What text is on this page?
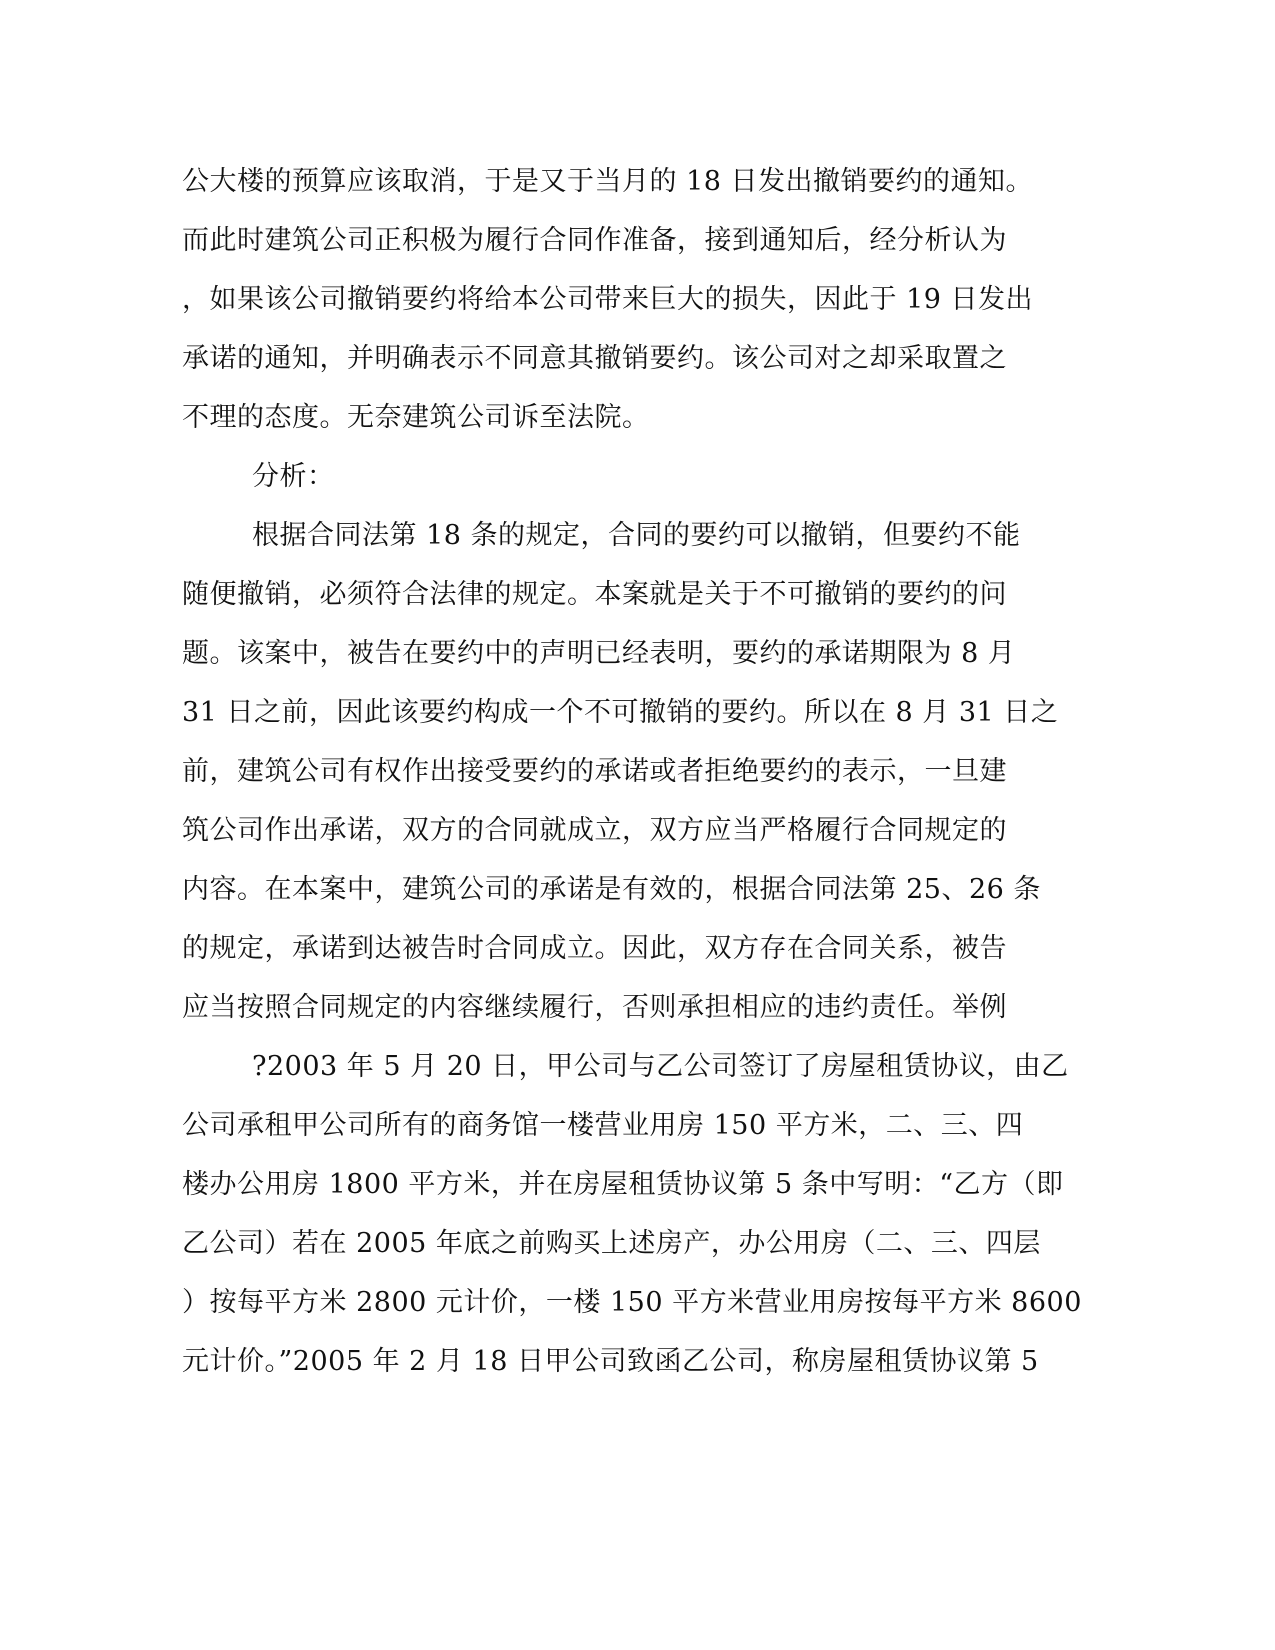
公大楼的预算应该取消，于是又于当月的 18 日发出撤销要约的通知。
而此时建筑公司正积极为履行合同作准备，接到通知后，经分析认为
，如果该公司撤销要约将给本公司带来巨大的损失，因此于 19 日发出
承诺的通知，并明确表示不同意其撤销要约。该公司对之却采取置之
不理的态度。无奈建筑公司诉至法院。
分析：
根据合同法第 18 条的规定，合同的要约可以撤销，但要约不能
随便撤销，必须符合法律的规定。本案就是关于不可撤销的要约的问
题。该案中，被告在要约中的声明已经表明，要约的承诺期限为 8 月
31 日之前，因此该要约构成一个不可撤销的要约。所以在 8 月 31 日之
前，建筑公司有权作出接受要约的承诺或者拒绝要约的表示，一旦建
筑公司作出承诺，双方的合同就成立，双方应当严格履行合同规定的
内容。在本案中，建筑公司的承诺是有效的，根据合同法第 25、26 条
的规定，承诺到达被告时合同成立。因此，双方存在合同关系，被告
应当按照合同规定的内容继续履行，否则承担相应的违约责任。举例
?2003 年 5 月 20 日，甲公司与乙公司签订了房屋租赁协议，由乙
公司承租甲公司所有的商务馆一楼营业用房 150 平方米，二、三、四
楼办公用房 1800 平方米，并在房屋租赁协议第 5 条中写明：“乙方（即
乙公司）若在 2005 年底之前购买上述房产，办公用房（二、三、四层
）按每平方米 2800 元计价，一楼 150 平方米营业用房按每平方米 8600
元计价。”2005 年 2 月 18 日甲公司致函乙公司，称房屋租赁协议第 5
